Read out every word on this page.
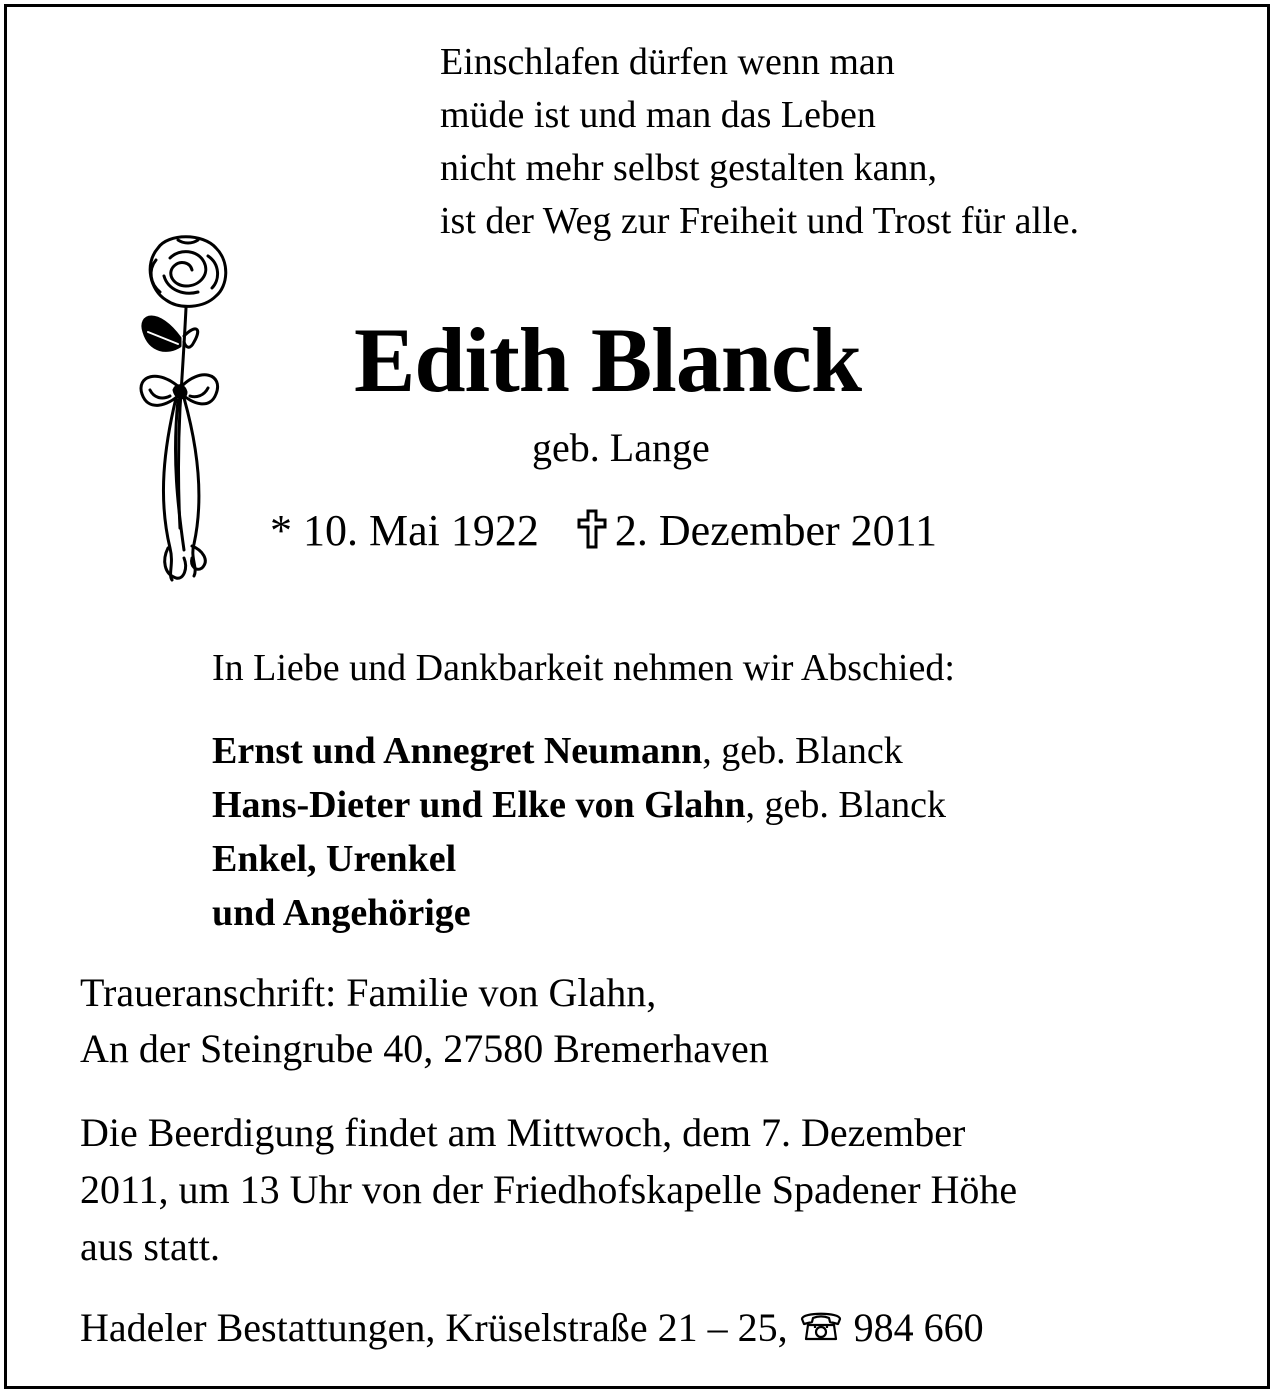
Einschlafen dürfen wenn man
müde ist und man das Leben
nicht mehr selbst gestalten kann,
ist der Weg zur Freiheit und Trost für alle.
Edith Blanck
geb. Lange
* 10. Mai 1922 2. Dezember 2011
In Liebe und Dankbarkeit nehmen wir Abschied:
Ernst und Annegret Neumann, geb. Blanck
Hans-Dieter und Elke von Glahn, geb. Blanck
Enkel, Urenkel
und Angehörige
Traueranschrift: Familie von Glahn,
An der Steingrube 40, 27580 Bremerhaven
Die Beerdigung findet am Mittwoch, dem 7. Dezember
2011, um 13 Uhr von der Friedhofskapelle Spadener Höhe
aus statt.
Hadeler Bestattungen, Krüselstraße 21 – 25, 984 660
